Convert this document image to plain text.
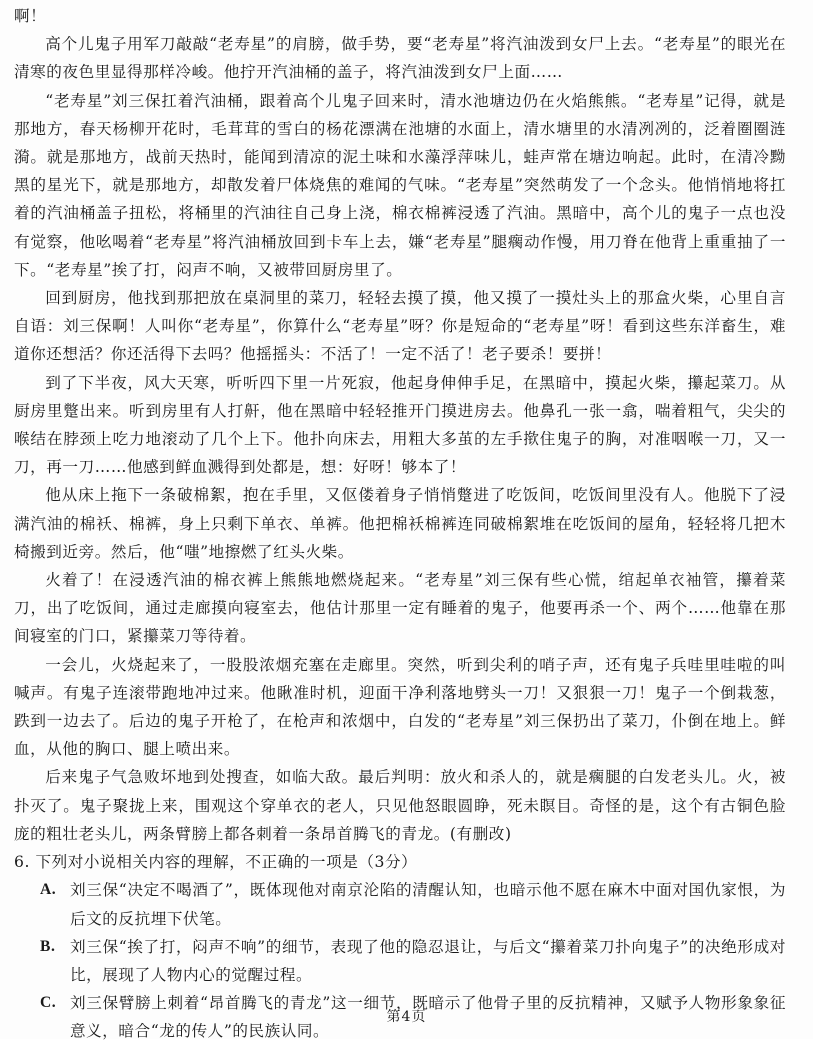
啊！

高个儿鬼子用军刀敲敲“老寿星”的肩膀，做手势，要“老寿星”将汽油泼到女尸上去。“老寿星”的眼光在清寒的夜色里显得那样冷峻。他拧开汽油桶的盖子，将汽油泼到女尸上面……

“老寿星”刘三保扛着汽油桶，跟着高个儿鬼子回来时，清水池塘边仍在火焰熊熊。“老寿星”记得，就是那地方，春天杨柳开花时，毛茸茸的雪白的杨花漂满在池塘的水面上，清水塘里的水清冽冽的，泛着圈圈涟漪。就是那地方，战前天热时，能闻到清凉的泥土味和水藻浮萍味儿，蛙声常在塘边响起。此时，在清冷黝黑的星光下，就是那地方，却散发着尸体烧焦的难闻的气味。“老寿星”突然萌发了一个念头。他悄悄地将扛着的汽油桶盖子扭松，将桶里的汽油往自己身上浇，棉衣棉裤浸透了汽油。黑暗中，高个儿的鬼子一点也没有觉察，他吆喝着“老寿星”将汽油桶放回到卡车上去，嫌“老寿星”腿瘸动作慢，用刀脊在他背上重重抽了一下。“老寿星”挨了打，闷声不响，又被带回厨房里了。

回到厨房，他找到那把放在桌洞里的菜刀，轻轻去摸了摸，他又摸了一摸灶头上的那盒火柴，心里自言自语：刘三保啊！人叫你“老寿星”，你算什么“老寿星”呀？你是短命的“老寿星”呀！看到这些东洋畜生，难道你还想活？你还活得下去吗？他摇摇头：不活了！一定不活了！老子要杀！要拼！

到了下半夜，风大天寒，听听四下里一片死寂，他起身伸伸手足，在黑暗中，摸起火柴，攥起菜刀。从厨房里蹩出来。听到房里有人打鼾，他在黑暗中轻轻推开门摸进房去。他鼻孔一张一翕，喘着粗气，尖尖的喉结在脖颈上吃力地滚动了几个上下。他扑向床去，用粗大多茧的左手揿住鬼子的胸，对准咽喉一刀，又一刀，再一刀……他感到鲜血溅得到处都是，想：好呀！够本了！

他从床上拖下一条破棉絮，抱在手里，又伛偻着身子悄悄蹩进了吃饭间，吃饭间里没有人。他脱下了浸满汽油的棉袄、棉裤，身上只剩下单衣、单裤。他把棉袄棉裤连同破棉絮堆在吃饭间的屋角，轻轻将几把木椅搬到近旁。然后，他“嗤”地擦燃了红头火柴。

火着了！在浸透汽油的棉衣裤上熊熊地燃烧起来。“老寿星”刘三保有些心慌，绾起单衣袖管，攥着菜刀，出了吃饭间，通过走廊摸向寝室去，他估计那里一定有睡着的鬼子，他要再杀一个、两个……他靠在那间寝室的门口，紧攥菜刀等待着。

一会儿，火烧起来了，一股股浓烟充塞在走廊里。突然，听到尖利的哨子声，还有鬼子兵哇里哇啦的叫喊声。有鬼子连滚带跑地冲过来。他瞅准时机，迎面干净利落地劈头一刀！又狠狠一刀！鬼子一个倒栽葱，跌到一边去了。后边的鬼子开枪了，在枪声和浓烟中，白发的“老寿星”刘三保扔出了菜刀，仆倒在地上。鲜血，从他的胸口、腿上喷出来。

后来鬼子气急败坏地到处搜查，如临大敌。最后判明：放火和杀人的，就是瘸腿的白发老头儿。火，被扑灭了。鬼子聚拢上来，围观这个穿单衣的老人，只见他怒眼圆睁，死未瞑目。奇怪的是，这个有古铜色脸庞的粗壮老头儿，两条臂膀上都各刺着一条昂首腾飞的青龙。(有删改)

6. 下列对小说相关内容的理解，不正确的一项是（3分）

A. 刘三保“决定不喝酒了”，既体现他对南京沦陷的清醒认知，也暗示他不愿在麻木中面对国仇家恨，为后文的反抗埋下伏笔。
B. 刘三保“挨了打，闷声不响”的细节，表现了他的隐忍退让，与后文“攥着菜刀扑向鬼子”的决绝形成对比，展现了人物内心的觉醒过程。
C. 刘三保臂膀上刺着“昂首腾飞的青龙”这一细节，既暗示了他骨子里的反抗精神，又赋予人物形象象征意义，暗合“龙的传人”的民族认同。
第4页
